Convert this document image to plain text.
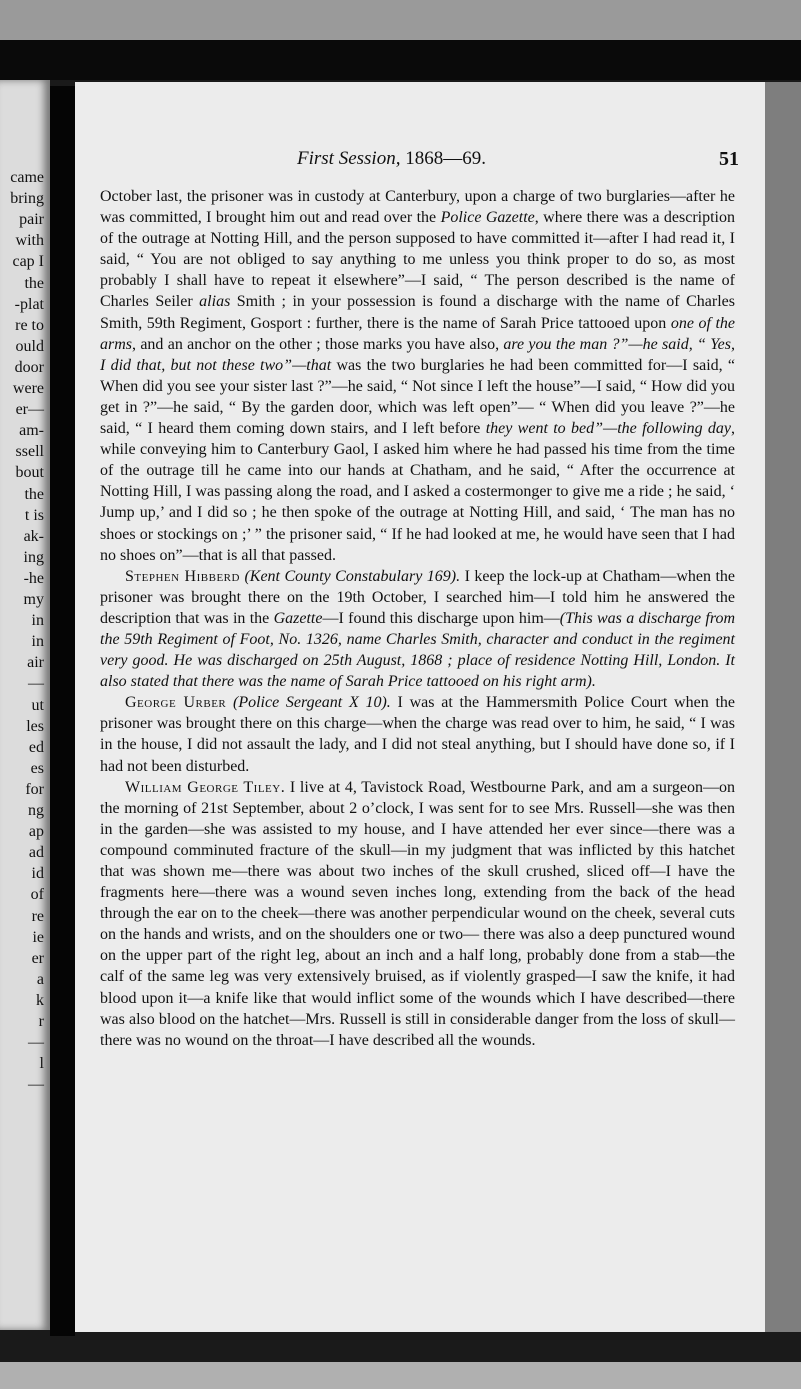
came
bring
pair
with
cap I
the
-plat
re to
ould
door
were
er—
am-
ssell
bout
the
t is
ak-
ing
-he
my
in
in
air
—
ut
les
ed
es
for
ng
ap
ad
id
of
re
ie
er
a
k
r
—
l
—
First Session, 1868—69.	51

October last, the prisoner was in custody at Canterbury, upon a charge of two burglaries—after he was committed, I brought him out and read over the Police Gazette, where there was a description of the outrage at Notting Hill, and the person supposed to have committed it—after I had read it, I said, “ You are not obliged to say anything to me unless you think proper to do so, as most probably I shall have to repeat it elsewhere”—I said, “ The person described is the name of Charles Seiler alias Smith ; in your possession is found a discharge with the name of Charles Smith, 59th Regiment, Gosport : further, there is the name of Sarah Price tattooed upon one of the arms, and an anchor on the other ; those marks you have also, are you the man ?”—he said, “ Yes, I did that, but not these two”—that was the two burglaries he had been committed for—I said, “ When did you see your sister last ?”—he said, “ Not since I left the house”—I said, “ How did you get in ?”—he said, “ By the garden door, which was left open”— “ When did you leave ?”—he said, “ I heard them coming down stairs, and I left before they went to bed”—the following day, while conveying him to Canterbury Gaol, I asked him where he had passed his time from the time of the outrage till he came into our hands at Chatham, and he said, “ After the occurrence at Notting Hill, I was passing along the road, and I asked a costermonger to give me a ride ; he said, ‘ Jump up,’ and I did so ; he then spoke of the outrage at Notting Hill, and said, ‘ The man has no shoes or stockings on ;’ ” the prisoner said, “ If he had looked at me, he would have seen that I had no shoes on”—that is all that passed.

Stephen Hibberd (Kent County Constabulary 169). I keep the lock-up at Chatham—when the prisoner was brought there on the 19th October, I searched him—I told him he answered the description that was in the Gazette—I found this discharge upon him—(This was a discharge from the 59th Regiment of Foot, No. 1326, name Charles Smith, character and conduct in the regiment very good. He was discharged on 25th August, 1868 ; place of residence Notting Hill, London. It also stated that there was the name of Sarah Price tattooed on his right arm).

George Urber (Police Sergeant X 10). I was at the Hammersmith Police Court when the prisoner was brought there on this charge—when the charge was read over to him, he said, “ I was in the house, I did not assault the lady, and I did not steal anything, but I should have done so, if I had not been disturbed.

William George Tiley. I live at 4, Tavistock Road, Westbourne Park, and am a surgeon—on the morning of 21st September, about 2 o’clock, I was sent for to see Mrs. Russell—she was then in the garden—she was assisted to my house, and I have attended her ever since—there was a compound comminuted fracture of the skull—in my judgment that was inflicted by this hatchet that was shown me—there was about two inches of the skull crushed, sliced off—I have the fragments here—there was a wound seven inches long, extending from the back of the head through the ear on to the cheek—there was another perpendicular wound on the cheek, several cuts on the hands and wrists, and on the shoulders one or two— there was also a deep punctured wound on the upper part of the right leg, about an inch and a half long, probably done from a stab—the calf of the same leg was very extensively bruised, as if violently grasped—I saw the knife, it had blood upon it—a knife like that would inflict some of the wounds which I have described—there was also blood on the hatchet—Mrs. Russell is still in considerable danger from the loss of skull—there was no wound on the throat—I have described all the wounds.
